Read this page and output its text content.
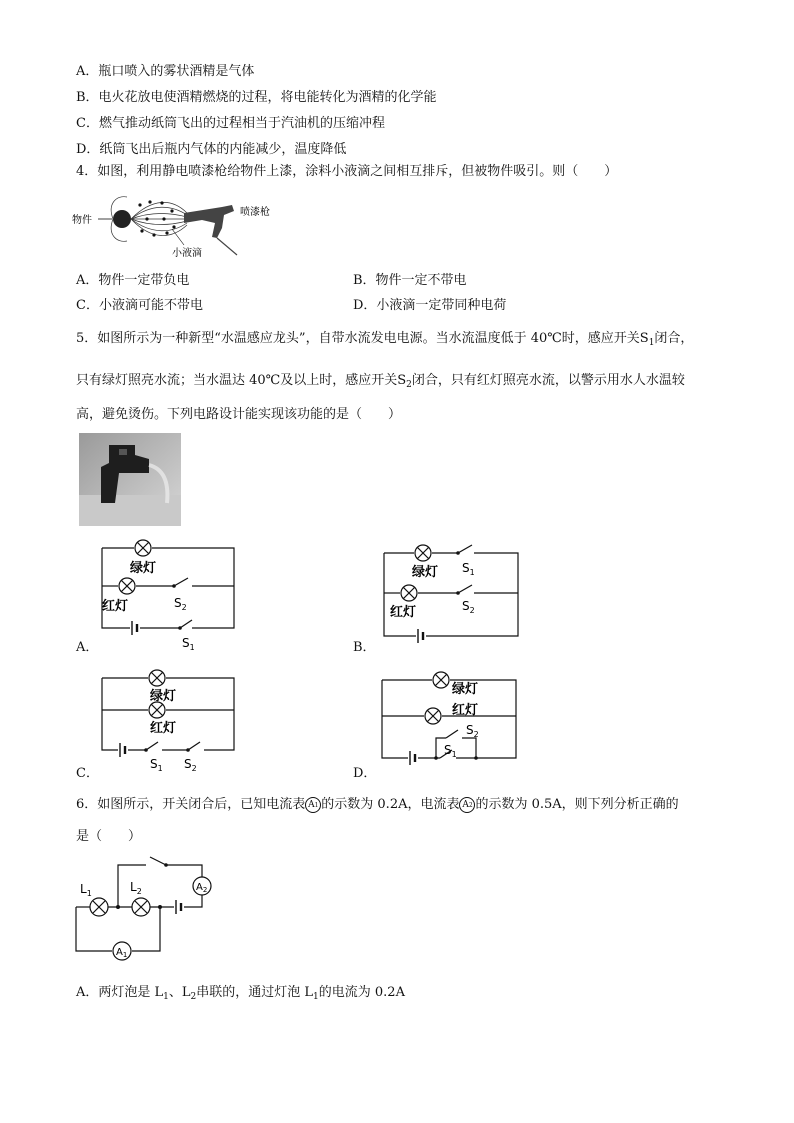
A．瓶口喷入的雾状酒精是气体
B．电火花放电使酒精燃烧的过程，将电能转化为酒精的化学能
C．燃气推动纸筒飞出的过程相当于汽油机的压缩冲程
D．纸筒飞出后瓶内气体的内能减少，温度降低
4．如图，利用静电喷漆枪给物件上漆，涂料小液滴之间相互排斥，但被物件吸引。则（　　）
物件
喷漆枪
小液滴
A．物件一定带负电	B．物件一定不带电
C．小液滴可能不带电	D．小液滴一定带同种电荷
5．如图所示为一种新型“水温感应龙头”，自带水流发电电源。当水流温度低于 40℃时，感应开关$S_1$闭合，
只有绿灯照亮水流；当水温达 40℃及以上时，感应开关$S_2$闭合，只有红灯照亮水流，以警示用水人水温较
高，避免烫伤。下列电路设计能实现该功能的是（　　）
绿灯
红灯	$S_2$
$S_1$
A．
绿灯
红灯
$S_1$
$S_2$
B．
绿灯
红灯
$S_1$ $S_2$
C．
绿灯
红灯
$S_2$
$S_1$
D．
6．如图所示，开关闭合后，已知电流表 A1 的示数为 0.2A，电流表 A2 的示数为 0.5A，则下列分析正确的
是（　　）
$L_1$	$L_2$	$A_2$
$A_1$
A．两灯泡是 $L_1$、$L_2$串联的，通过灯泡 $L_1$的电流为 0.2A
